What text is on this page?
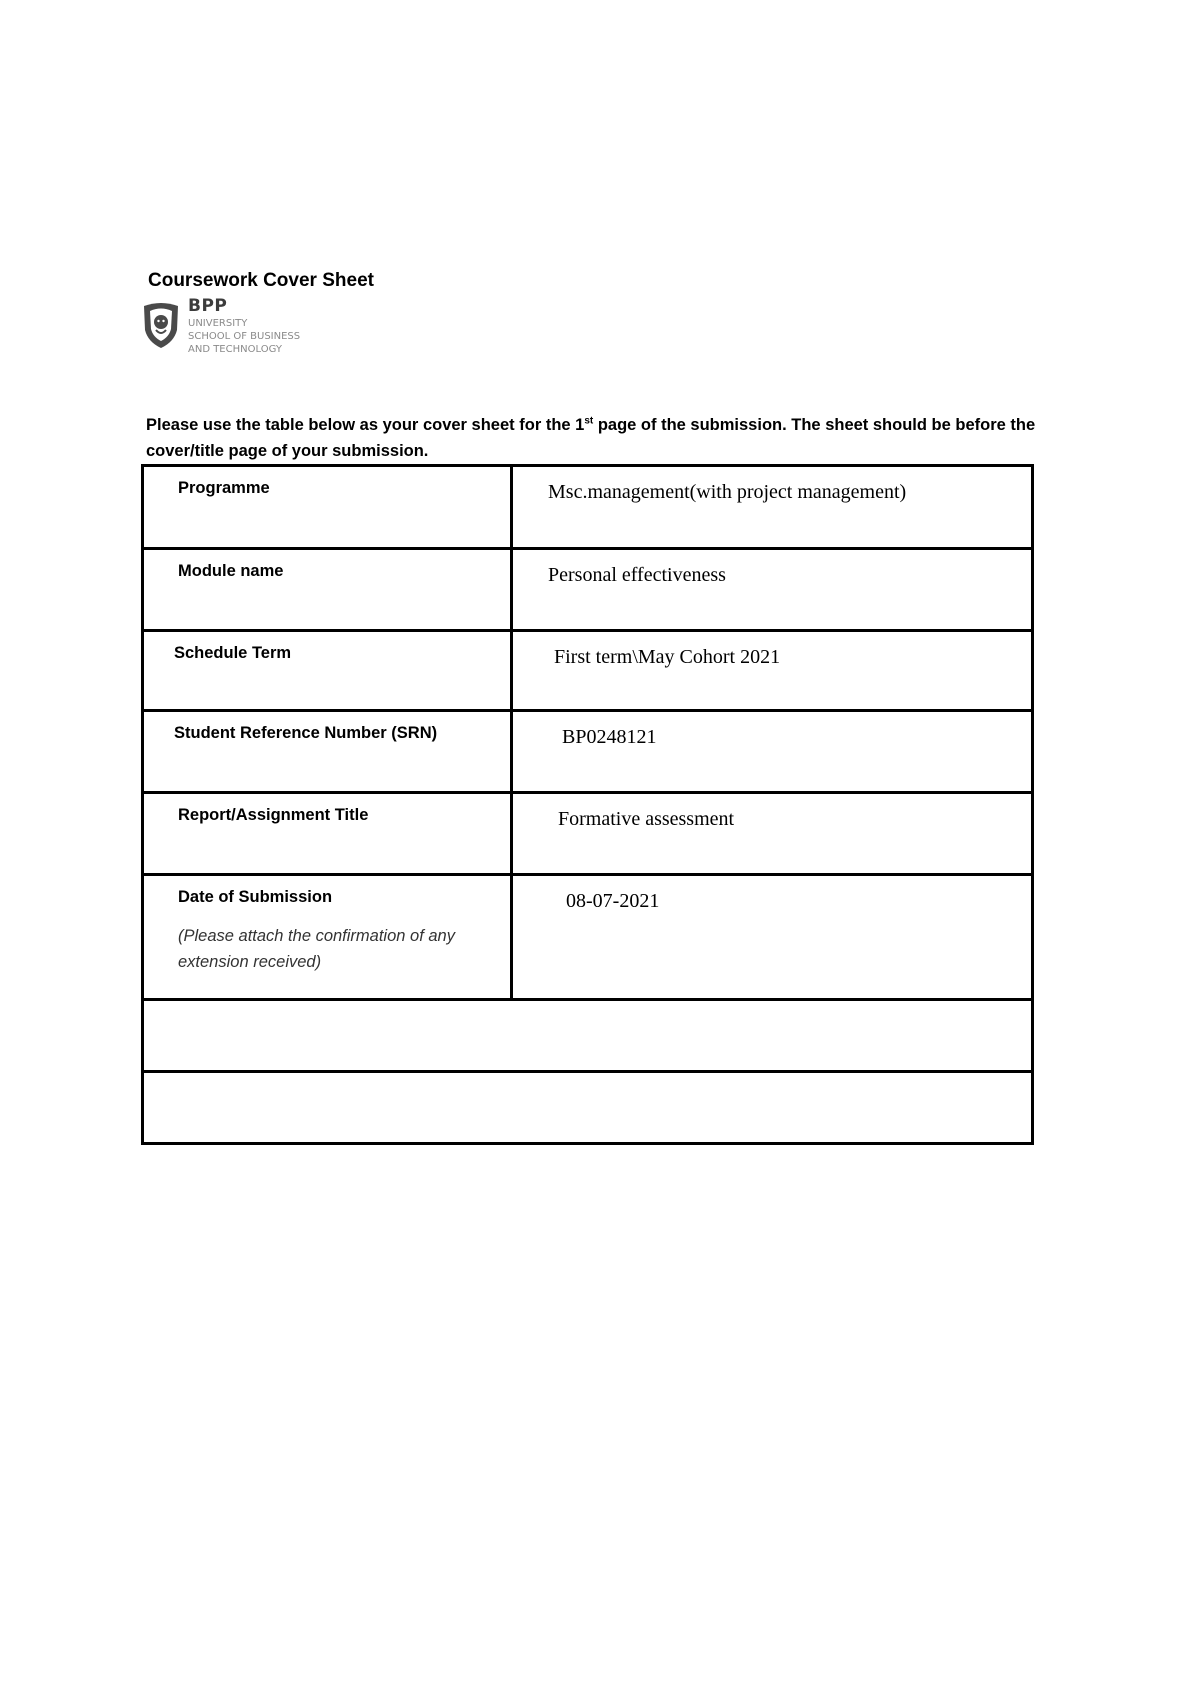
Coursework Cover Sheet
BPP
UNIVERSITY
SCHOOL OF BUSINESS
AND TECHNOLOGY
Please use the table below as your cover sheet for the 1st page of the submission. The sheet should be before the cover/title page of your submission.
Programme	Msc.management(with project management)

Module name	Personal effectiveness

Schedule Term	First term\May Cohort 2021

Student Reference Number (SRN)	BP0248121

Report/Assignment Title	Formative assessment

Date of Submission
(Please attach the confirmation of any extension received)	08-07-2021
